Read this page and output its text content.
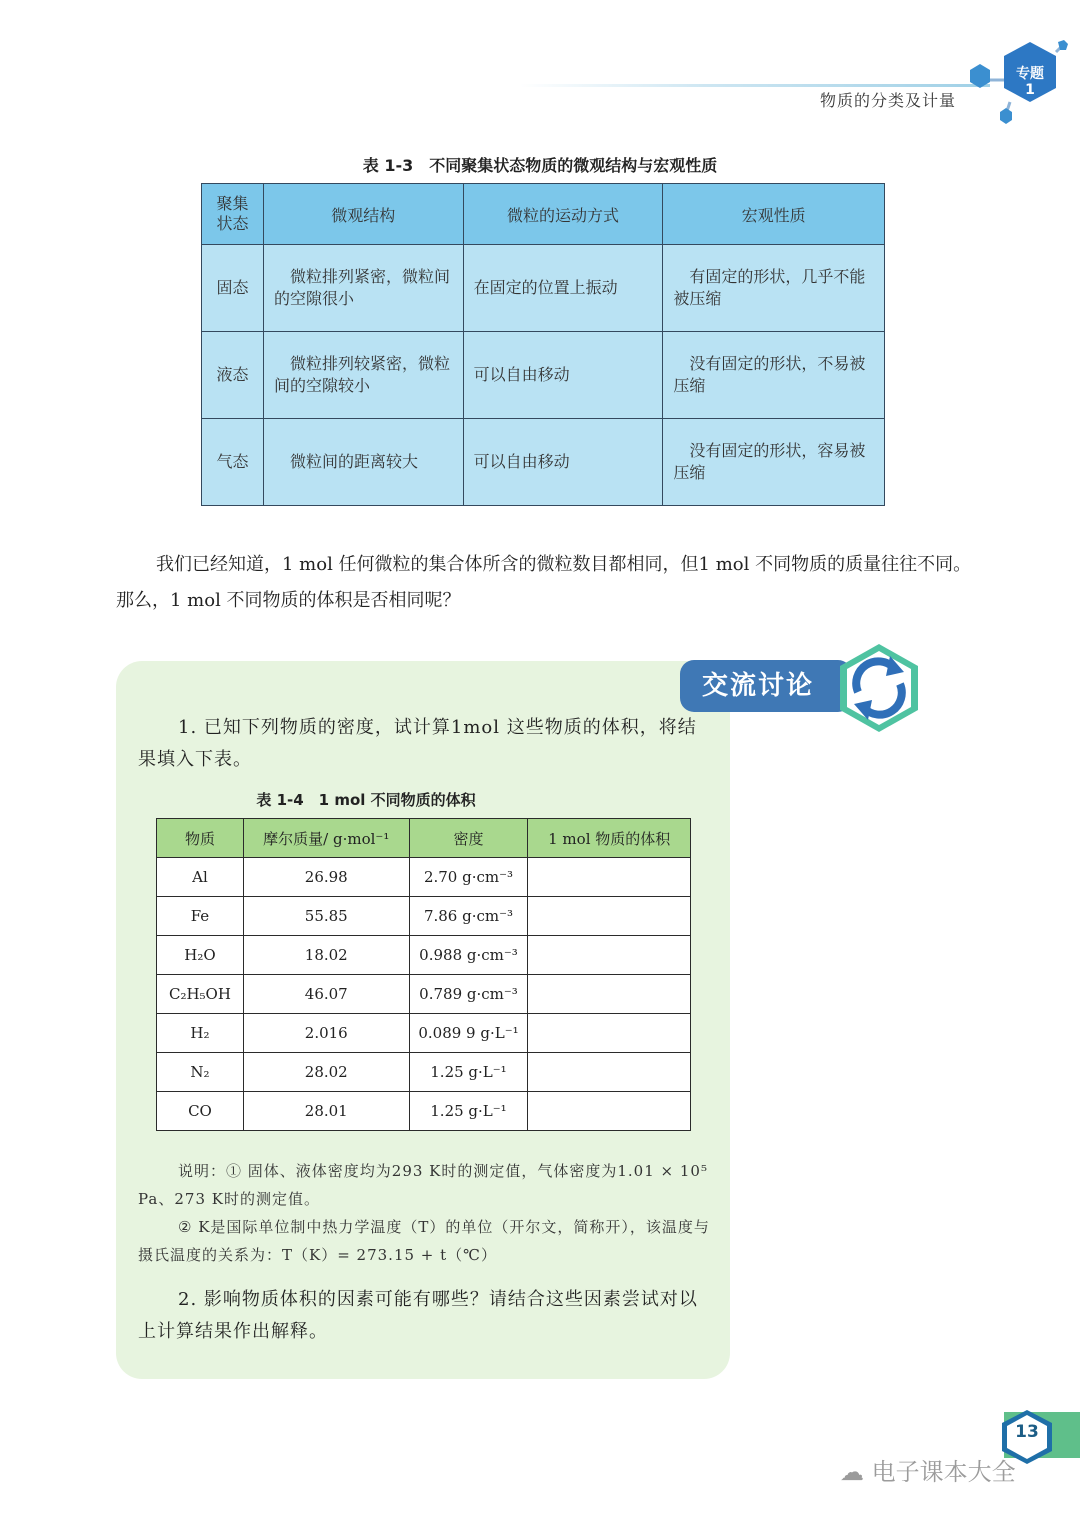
专题
1
物质的分类及计量
表 1-3　不同聚集状态物质的微观结构与宏观性质
聚集状态	微观结构	微粒的运动方式	宏观性质
固态	微粒排列紧密，微粒间的空隙很小	在固定的位置上振动	有固定的形状，几乎不能被压缩
液态	微粒排列较紧密，微粒间的空隙较小	可以自由移动	没有固定的形状，不易被压缩
气态	微粒间的距离较大	可以自由移动	没有固定的形状，容易被压缩
我们已经知道，1 mol 任何微粒的集合体所含的微粒数目都相同，但1 mol 不同物质的质量往往不同。那么，1 mol 不同物质的体积是否相同呢？
交流讨论
1. 已知下列物质的密度，试计算1mol 这些物质的体积，将结果填入下表。
表 1-4　1 mol 不同物质的体积
物质	摩尔质量/ g·mol⁻¹	密度	1 mol 物质的体积
Al	26.98	2.70 g·cm⁻³	
Fe	55.85	7.86 g·cm⁻³	
H₂O	18.02	0.988 g·cm⁻³	
C₂H₅OH	46.07	0.789 g·cm⁻³	
H₂	2.016	0.089 9 g·L⁻¹	
N₂	28.02	1.25 g·L⁻¹	
CO	28.01	1.25 g·L⁻¹	

说明：① 固体、液体密度均为293 K时的测定值，气体密度为1.01 × 10⁵ Pa、273 K时的测定值。

② K是国际单位制中热力学温度（T）的单位（开尔文，简称开），该温度与摄氏温度的关系为：T（K）= 273.15 + t（℃）

2. 影响物质体积的因素可能有哪些？请结合这些因素尝试对以上计算结果作出解释。
13
☁ 电子课本大全
